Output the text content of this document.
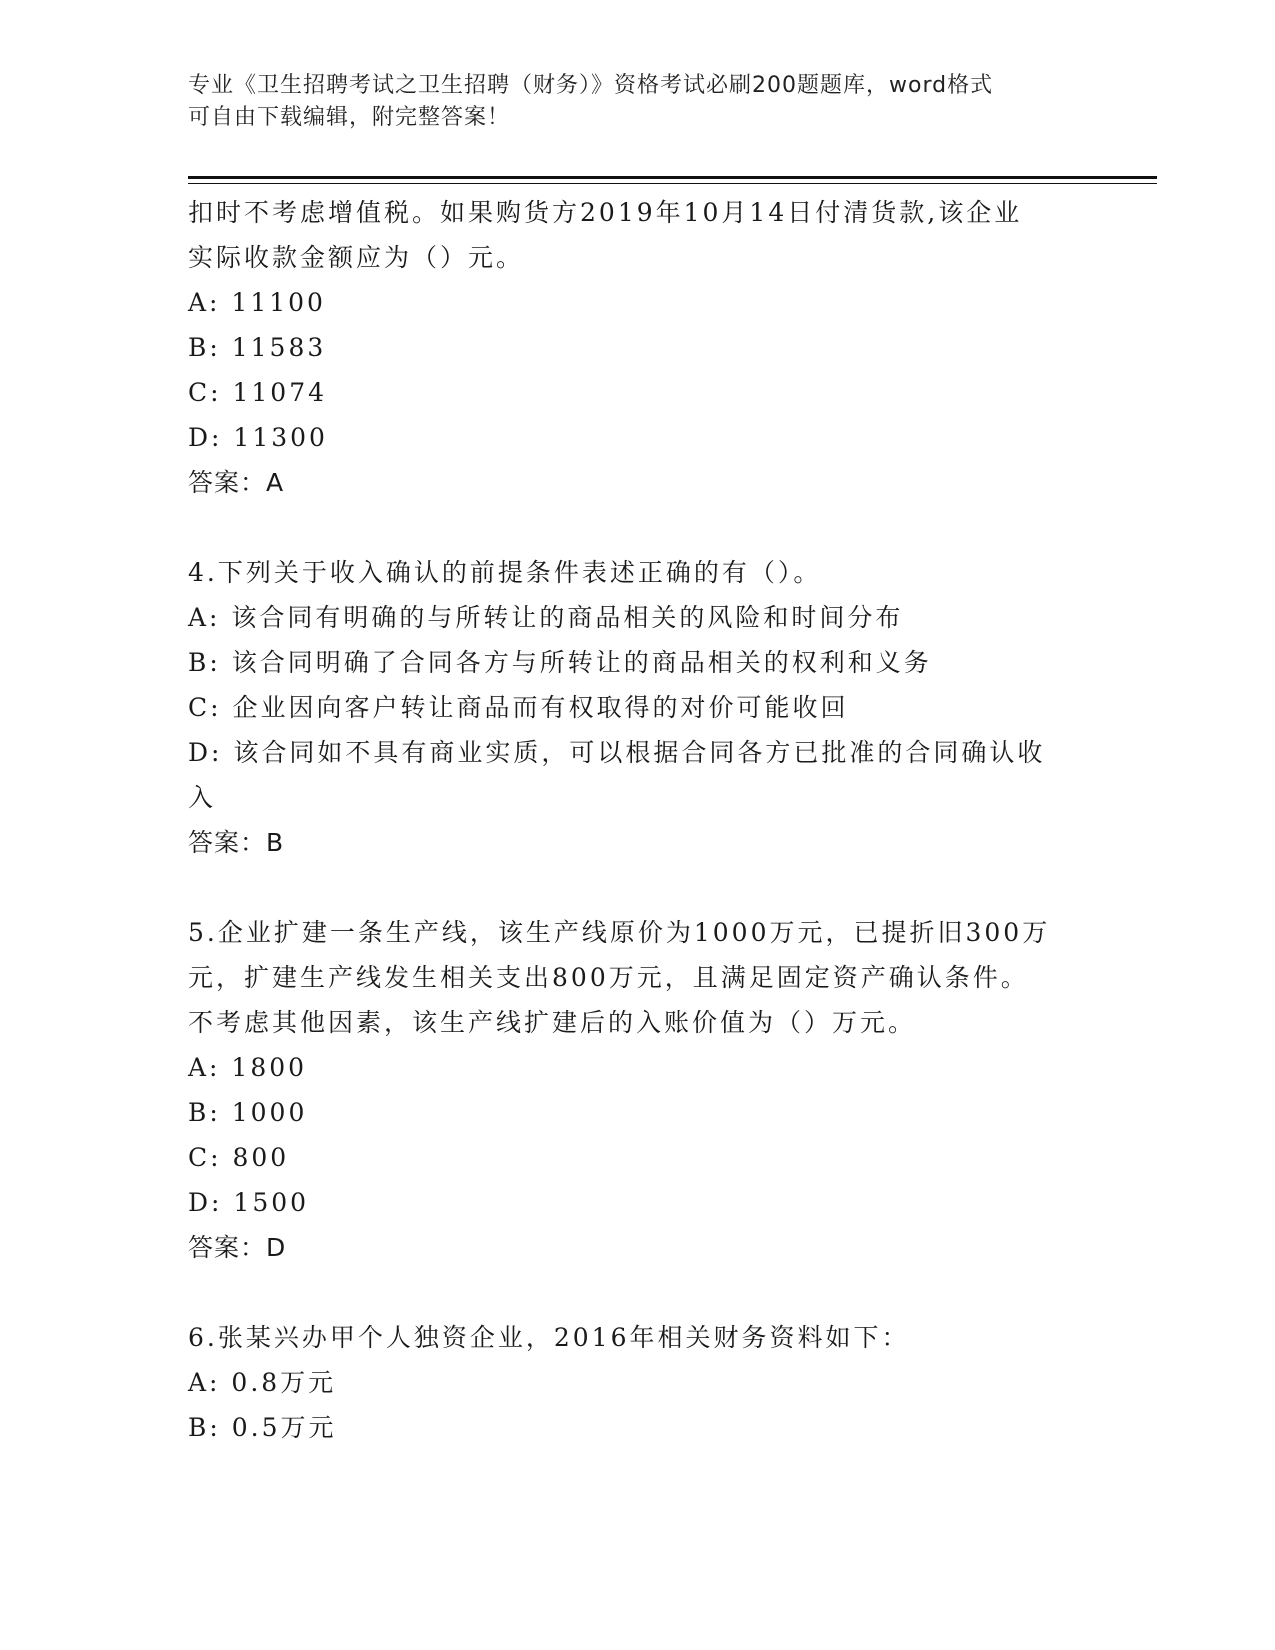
专业《卫生招聘考试之卫生招聘（财务）》资格考试必刷200题题库，word格式
可自由下载编辑，附完整答案！
扣时不考虑增值税。如果购货方2019年10月14日付清货款,该企业
实际收款金额应为（）元。
A: 11100
B: 11583
C: 11074
D: 11300
答案：A
4.下列关于收入确认的前提条件表述正确的有（）。
A: 该合同有明确的与所转让的商品相关的风险和时间分布
B: 该合同明确了合同各方与所转让的商品相关的权利和义务
C: 企业因向客户转让商品而有权取得的对价可能收回
D: 该合同如不具有商业实质，可以根据合同各方已批准的合同确认收
入
答案：B
5.企业扩建一条生产线，该生产线原价为1000万元，已提折旧300万
元，扩建生产线发生相关支出800万元，且满足固定资产确认条件。
不考虑其他因素，该生产线扩建后的入账价值为（）万元。
A: 1800
B: 1000
C: 800
D: 1500
答案：D
6.张某兴办甲个人独资企业，2016年相关财务资料如下：
A: 0.8万元
B: 0.5万元
